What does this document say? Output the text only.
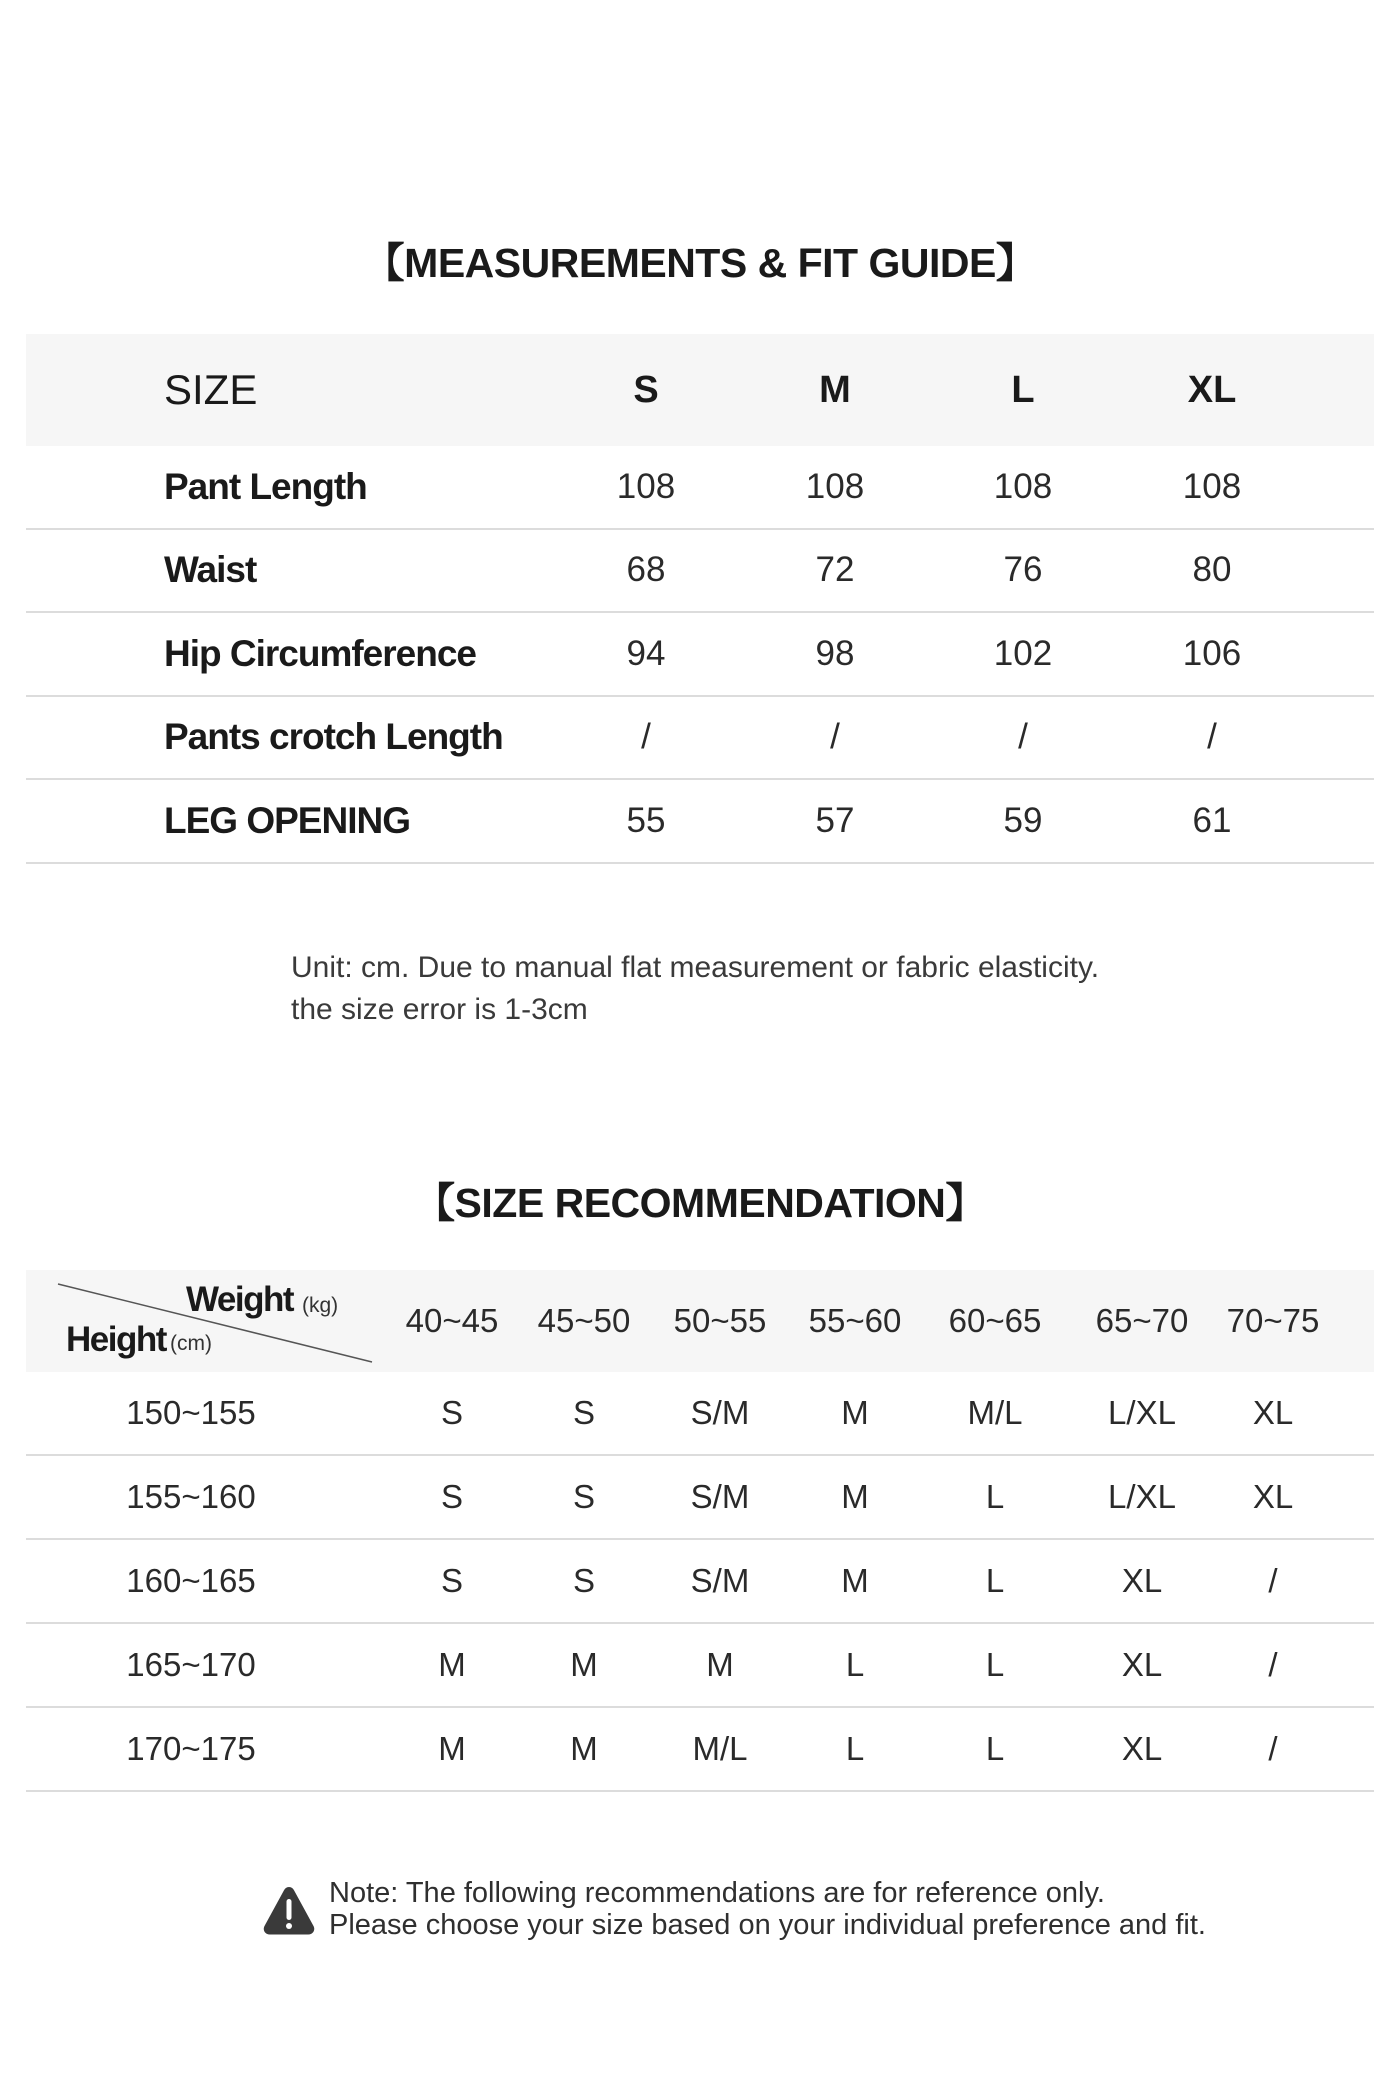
【MEASUREMENTS & FIT GUIDE】
SIZE	S	M	L	XL
Pant Length	108	108	108	108
Waist	68	72	76	80
Hip Circumference	94	98	102	106
Pants crotch Length	/	/	/	/
LEG OPENING	55	57	59	61
Unit: cm. Due to manual flat measurement or fabric elasticity.
the size error is 1-3cm
【SIZE RECOMMENDATION】
Weight (kg)
Height (cm)
40~45	45~50	50~55	55~60	60~65	65~70	70~75
150~155	S	S	S/M	M	M/L	L/XL	XL
155~160	S	S	S/M	M	L	L/XL	XL
160~165	S	S	S/M	M	L	XL	/
165~170	M	M	M	L	L	XL	/
170~175	M	M	M/L	L	L	XL	/
Note: The following recommendations are for reference only.
Please choose your size based on your individual preference and fit.
